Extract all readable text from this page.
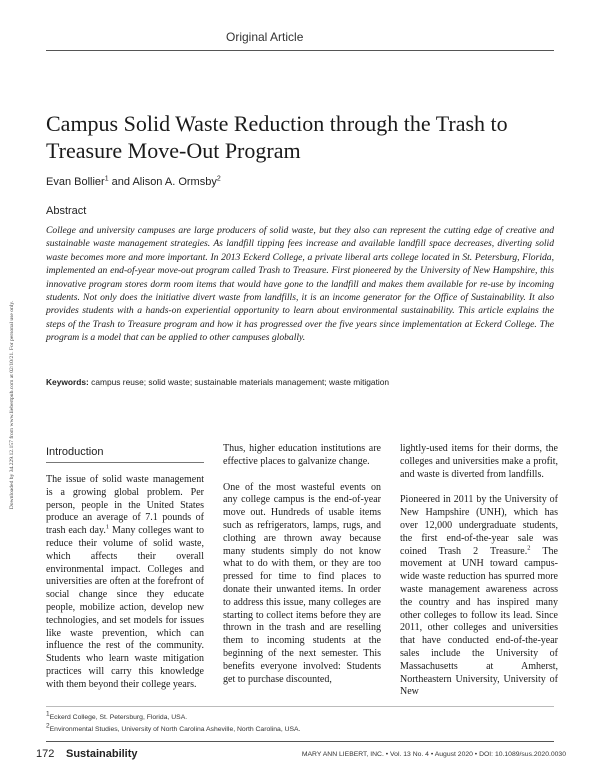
Original Article
Downloaded by 34.229.12.157 from www.liebertpub.com at 02/10/21. For personal use only.
Campus Solid Waste Reduction through the Trash to Treasure Move-Out Program
Evan Bollier$^1$ and Alison A. Ormsby$^2$
Abstract

College and university campuses are large producers of solid waste, but they also can represent the cutting edge of creative and sustainable waste management strategies. As landfill tipping fees increase and available landfill space decreases, diverting solid waste becomes more and more important. In 2013 Eckerd College, a private liberal arts college located in St. Petersburg, Florida, implemented an end-of-year move-out program called Trash to Treasure. First pioneered by the University of New Hampshire, this innovative program stores dorm room items that would have gone to the landfill and makes them available for re-use by incoming students. Not only does the initiative divert waste from landfills, it is an income generator for the Office of Sustainability. It also provides students with a hands-on experiential opportunity to learn about environmental sustainability. This article explains the steps of the Trash to Treasure program and how it has progressed over the five years since implementation at Eckerd College. The program is a model that can be applied to other campuses globally.

Keywords: campus reuse; solid waste; sustainable materials management; waste mitigation

Introduction

The issue of solid waste management is a growing global problem. Per person, people in the United States produce an average of 7.1 pounds of trash each day.$^1$ Many colleges want to reduce their volume of solid waste, which affects their overall environmental impact. Colleges and universities are often at the forefront of social change since they educate people, mobilize action, develop new technologies, and set models for issues like waste prevention, which can influence the rest of the community. Students who learn waste mitigation practices will carry this knowledge with them beyond their college years.

Thus, higher education institutions are effective places to galvanize change.

One of the most wasteful events on any college campus is the end-of-year move out. Hundreds of usable items such as refrigerators, lamps, rugs, and clothing are thrown away because many students simply do not know what to do with them, or they are too pressed for time to find places to donate their unwanted items. In order to address this issue, many colleges are starting to collect items before they are thrown in the trash and are reselling them to incoming students at the beginning of the next semester. This benefits everyone involved: Students get to purchase discounted,

lightly-used items for their dorms, the colleges and universities make a profit, and waste is diverted from landfills.

Pioneered in 2011 by the University of New Hampshire (UNH), which has over 12,000 undergraduate students, the first end-of-the-year sale was coined Trash 2 Treasure.$^2$ The movement at UNH toward campus-wide waste reduction has spurred more waste management awareness across the country and has inspired many other colleges to follow its lead. Since 2011, other colleges and universities that have conducted end-of-the-year sales include the University of Massachusetts at Amherst, Northeastern University, University of New

$^1$Eckerd College, St. Petersburg, Florida, USA.
$^2$Environmental Studies, University of North Carolina Asheville, North Carolina, USA.
172 Sustainability	MARY ANN LIEBERT, INC. • Vol. 13 No. 4 • August 2020 • DOI: 10.1089/sus.2020.0030
